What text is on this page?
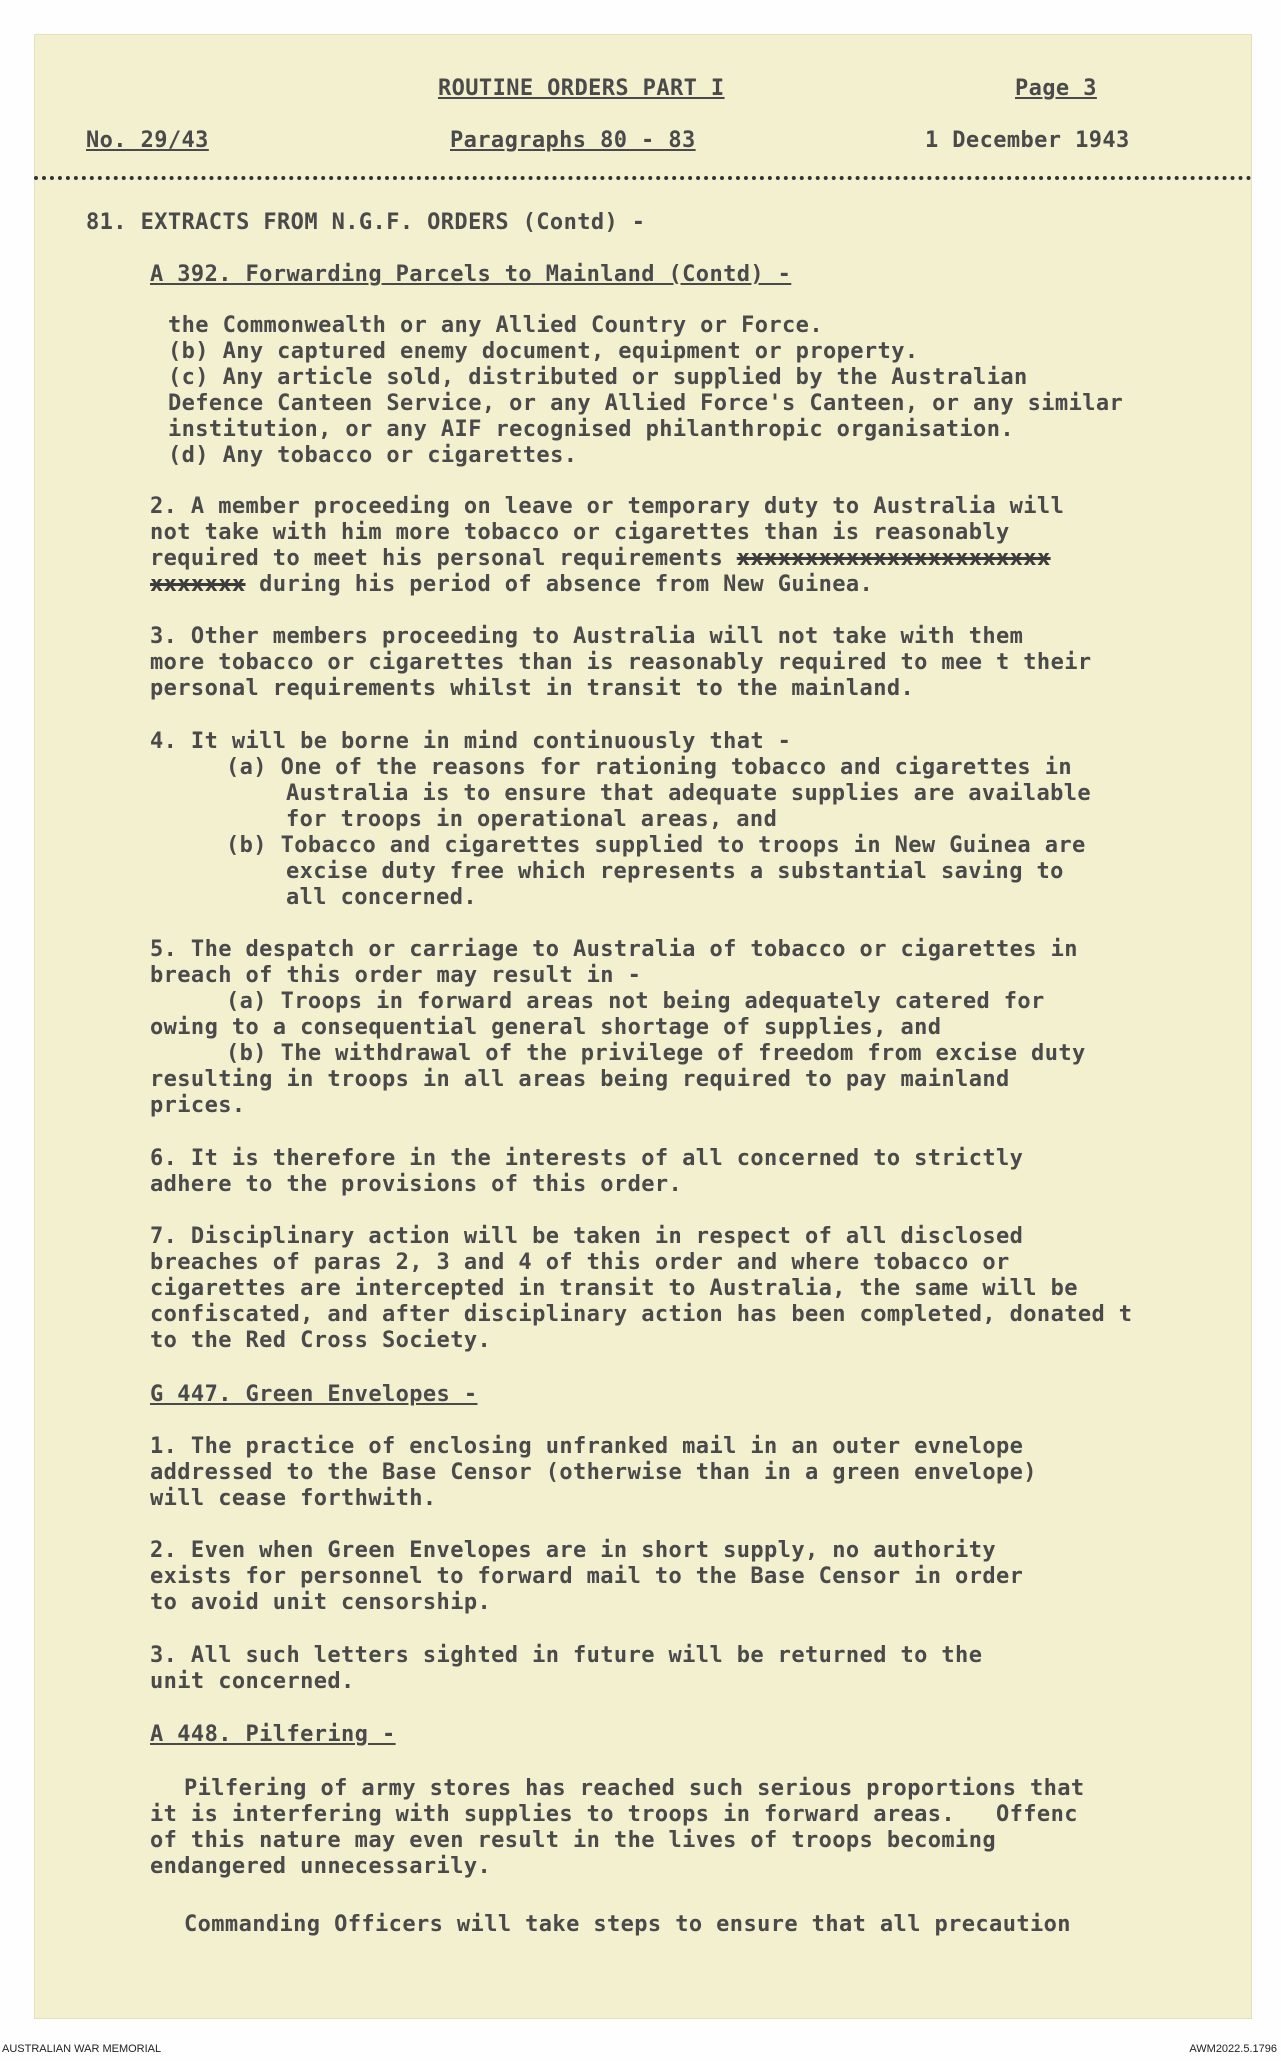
ROUTINE ORDERS PART I	Page 3
No. 29/43	Paragraphs 80 - 83	1 December 1943
81. EXTRACTS FROM N.G.F. ORDERS (Contd) -
A 392. Forwarding Parcels to Mainland (Contd) -
the Commonwealth or any Allied Country or Force.
(b) Any captured enemy document, equipment or property.
(c) Any article sold, distributed or supplied by the Australian
Defence Canteen Service, or any Allied Force's Canteen, or any similar
institution, or any AIF recognised philanthropic organisation.
(d) Any tobacco or cigarettes.
2. A member proceeding on leave or temporary duty to Australia will
not take with him more tobacco or cigarettes than is reasonably
required to meet his personal requirements xxxxxxxxxxxxxxxxxxxxxxx
xxxxxxx during his period of absence from New Guinea.
3. Other members proceeding to Australia will not take with them
more tobacco or cigarettes than is reasonably required to mee t their
personal requirements whilst in transit to the mainland.
4. It will be borne in mind continuously that -
(a) One of the reasons for rationing tobacco and cigarettes in
Australia is to ensure that adequate supplies are available
for troops in operational areas, and
(b) Tobacco and cigarettes supplied to troops in New Guinea are
excise duty free which represents a substantial saving to
all concerned.
5. The despatch or carriage to Australia of tobacco or cigarettes in
breach of this order may result in -
(a) Troops in forward areas not being adequately catered for
owing to a consequential general shortage of supplies, and
(b) The withdrawal of the privilege of freedom from excise duty
resulting in troops in all areas being required to pay mainland
prices.
6. It is therefore in the interests of all concerned to strictly
adhere to the provisions of this order.
7. Disciplinary action will be taken in respect of all disclosed
breaches of paras 2, 3 and 4 of this order and where tobacco or
cigarettes are intercepted in transit to Australia, the same will be
confiscated, and after disciplinary action has been completed, donated t
to the Red Cross Society.
G 447. Green Envelopes -
1. The practice of enclosing unfranked mail in an outer evnelope
addressed to the Base Censor (otherwise than in a green envelope)
will cease forthwith.
2. Even when Green Envelopes are in short supply, no authority
exists for personnel to forward mail to the Base Censor in order
to avoid unit censorship.
3. All such letters sighted in future will be returned to the
unit concerned.
A 448. Pilfering -
Pilfering of army stores has reached such serious proportions that
it is interfering with supplies to troops in forward areas.   Offenc
of this nature may even result in the lives of troops becoming
endangered unnecessarily.
Commanding Officers will take steps to ensure that all precaution
AUSTRALIAN WAR MEMORIAL	AWM2022.5.1796
